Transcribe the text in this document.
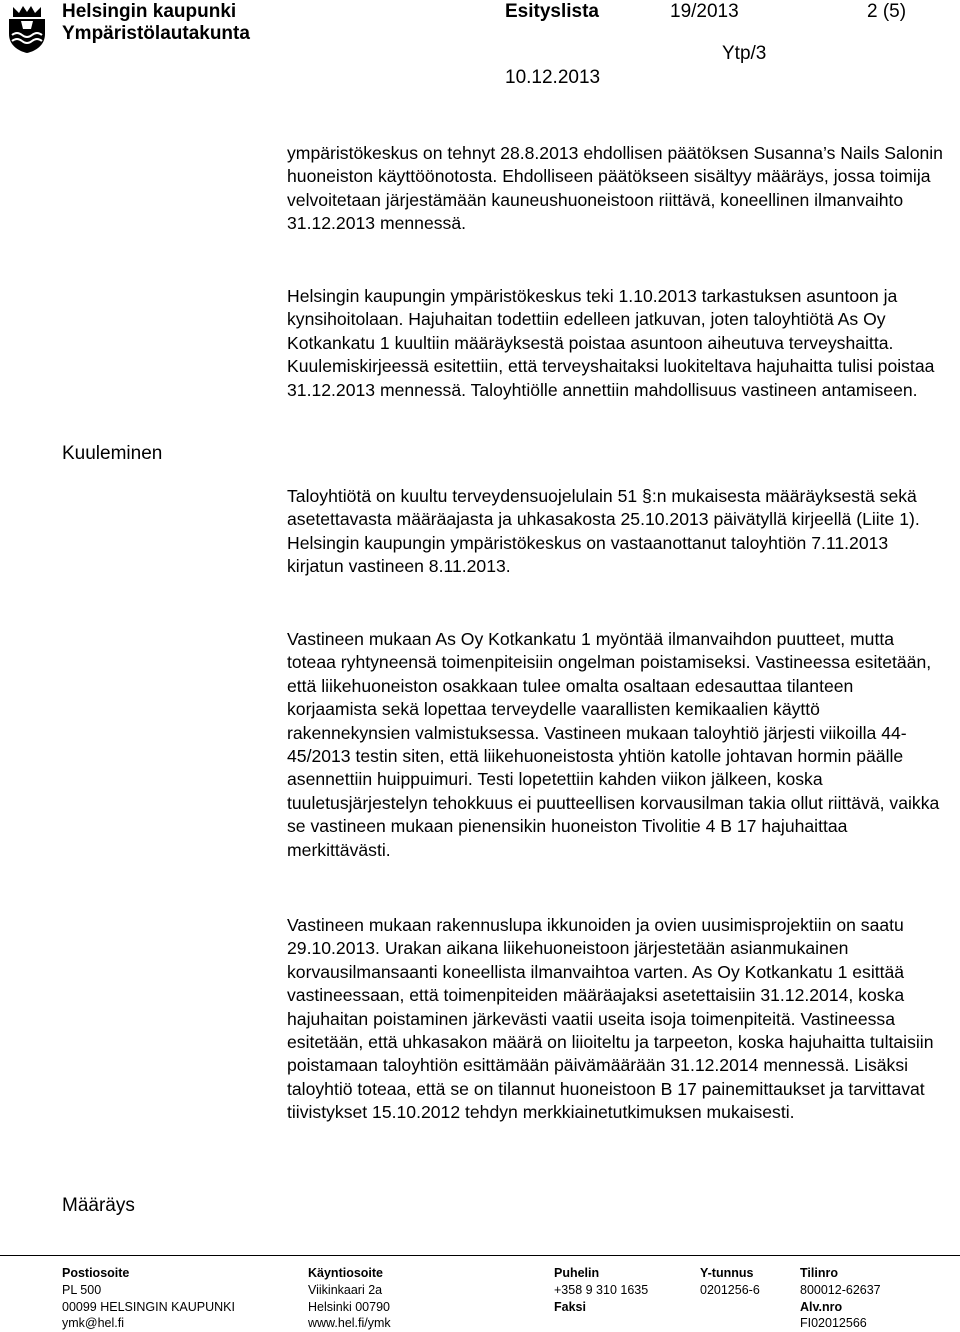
Helsingin kaupunki
Ympäristölautakunta
Esityslista	19/2013	2 (5)
Ytp/3
10.12.2013
ympäristökeskus on tehnyt 28.8.2013 ehdollisen päätöksen Susanna’s Nails Salonin huoneiston käyttöönotosta. Ehdolliseen päätökseen sisältyy määräys, jossa toimija velvoitetaan järjestämään kauneushuoneistoon riittävä, koneellinen ilmanvaihto 31.12.2013 mennessä.
Helsingin kaupungin ympäristökeskus teki 1.10.2013 tarkastuksen asuntoon ja kynsihoitolaan. Hajuhaitan todettiin edelleen jatkuvan, joten taloyhtiötä As Oy Kotkankatu 1 kuultiin määräyksestä poistaa asuntoon aiheutuva terveyshaitta. Kuulemiskirjeessä esitettiin, että terveyshaitaksi luokiteltava hajuhaitta tulisi poistaa 31.12.2013 mennessä. Taloyhtiölle annettiin mahdollisuus vastineen antamiseen.
Taloyhtiötä on kuultu terveydensuojelulain 51 §:n mukaisesta määräyksestä sekä asetettavasta määräajasta ja uhkasakosta 25.10.2013 päivätyllä kirjeellä (Liite 1). Helsingin kaupungin ympäristökeskus on vastaanottanut taloyhtiön 7.11.2013 kirjatun vastineen 8.11.2013.
Vastineen mukaan As Oy Kotkankatu 1 myöntää ilmanvaihdon puutteet, mutta toteaa ryhtyneensä toimenpiteisiin ongelman poistamiseksi. Vastineessa esitetään, että liikehuoneiston osakkaan tulee omalta osaltaan edesauttaa tilanteen korjaamista sekä lopettaa terveydelle vaarallisten kemikaalien käyttö rakennekynsien valmistuksessa. Vastineen mukaan taloyhtiö järjesti viikoilla 44-45/2013 testin siten, että liikehuoneistosta yhtiön katolle johtavan hormin päälle asennettiin huippuimuri. Testi lopetettiin kahden viikon jälkeen, koska tuuletusjärjestelyn tehokkuus ei puutteellisen korvausilman takia ollut riittävä, vaikka se vastineen mukaan pienensikin huoneiston Tivolitie 4 B 17 hajuhaittaa merkittävästi.
Vastineen mukaan rakennuslupa ikkunoiden ja ovien uusimisprojektiin on saatu 29.10.2013. Urakan aikana liikehuoneistoon järjestetään asianmukainen korvausilmansaanti koneellista ilmanvaihtoa varten. As Oy Kotkankatu 1 esittää vastineessaan, että toimenpiteiden määräajaksi asetettaisiin 31.12.2014, koska hajuhaitan poistaminen järkevästi vaatii useita isoja toimenpiteitä. Vastineessa esitetään, että uhkasakon määrä on liioiteltu ja tarpeeton, koska hajuhaitta tultaisiin poistamaan taloyhtiön esittämään päivämäärään 31.12.2014 mennessä. Lisäksi taloyhtiö toteaa, että se on tilannut huoneistoon B 17 painemittaukset ja tarvittavat tiivistykset 15.10.2012 tehdyn merkkiainetutkimuksen mukaisesti.
Kuuleminen
Määräys
Postiosoite
PL 500
00099 HELSINGIN KAUPUNKI
ymk@hel.fi
Käyntiosoite
Viikinkaari 2a
Helsinki 00790
www.hel.fi/ymk
Puhelin
+358 9 310 1635
Faksi
Y-tunnus
0201256-6
Tilinro
800012-62637
Alv.nro
FI02012566
